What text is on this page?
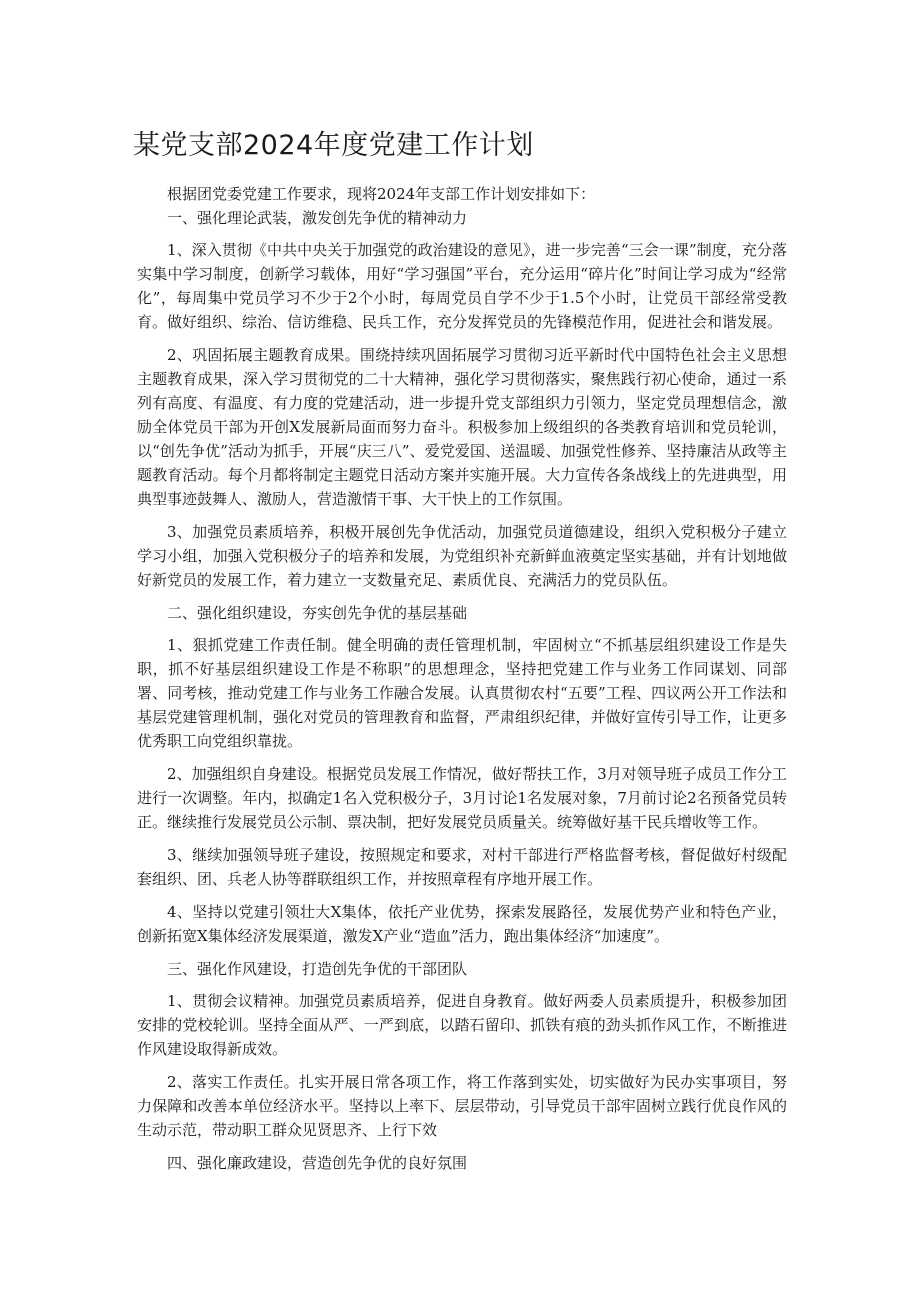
某党支部2024年度党建工作计划

根据团党委党建工作要求，现将2024年支部工作计划安排如下：

一、强化理论武装，激发创先争优的精神动力

1、深入贯彻《中共中央关于加强党的政治建设的意见》，进一步完善“三会一课”制度，充分落实集中学习制度，创新学习载体，用好“学习强国”平台，充分运用“碎片化”时间让学习成为“经常化”，每周集中党员学习不少于2个小时，每周党员自学不少于1.5个小时，让党员干部经常受教育。做好组织、综治、信访维稳、民兵工作，充分发挥党员的先锋模范作用，促进社会和谐发展。

2、巩固拓展主题教育成果。围绕持续巩固拓展学习贯彻习近平新时代中国特色社会主义思想主题教育成果，深入学习贯彻党的二十大精神，强化学习贯彻落实，聚焦践行初心使命，通过一系列有高度、有温度、有力度的党建活动，进一步提升党支部组织力引领力，坚定党员理想信念，激励全体党员干部为开创X发展新局面而努力奋斗。积极参加上级组织的各类教育培训和党员轮训，以“创先争优”活动为抓手，开展“庆三八”、爱党爱国、送温暖、加强党性修养、坚持廉洁从政等主题教育活动。每个月都将制定主题党日活动方案并实施开展。大力宣传各条战线上的先进典型，用典型事迹鼓舞人、激励人，营造激情干事、大干快上的工作氛围。

3、加强党员素质培养，积极开展创先争优活动，加强党员道德建设，组织入党积极分子建立学习小组，加强入党积极分子的培养和发展，为党组织补充新鲜血液奠定坚实基础，并有计划地做好新党员的发展工作，着力建立一支数量充足、素质优良、充满活力的党员队伍。

二、强化组织建设，夯实创先争优的基层基础

1、狠抓党建工作责任制。健全明确的责任管理机制，牢固树立“不抓基层组织建设工作是失职，抓不好基层组织建设工作是不称职”的思想理念，坚持把党建工作与业务工作同谋划、同部署、同考核，推动党建工作与业务工作融合发展。认真贯彻农村“五要”工程、四议两公开工作法和基层党建管理机制，强化对党员的管理教育和监督，严肃组织纪律，并做好宣传引导工作，让更多优秀职工向党组织靠拢。

2、加强组织自身建设。根据党员发展工作情况，做好帮扶工作，3月对领导班子成员工作分工进行一次调整。年内，拟确定1名入党积极分子，3月讨论1名发展对象，7月前讨论2名预备党员转正。继续推行发展党员公示制、票决制，把好发展党员质量关。统筹做好基干民兵增收等工作。

3、继续加强领导班子建设，按照规定和要求，对村干部进行严格监督考核，督促做好村级配套组织、团、兵老人协等群联组织工作，并按照章程有序地开展工作。

4、坚持以党建引领壮大X集体，依托产业优势，探索发展路径，发展优势产业和特色产业，创新拓宽X集体经济发展渠道，激发X产业“造血”活力，跑出集体经济“加速度”。

三、强化作风建设，打造创先争优的干部团队

1、贯彻会议精神。加强党员素质培养，促进自身教育。做好两委人员素质提升，积极参加团安排的党校轮训。坚持全面从严、一严到底，以踏石留印、抓铁有痕的劲头抓作风工作，不断推进作风建设取得新成效。

2、落实工作责任。扎实开展日常各项工作，将工作落到实处，切实做好为民办实事项目，努力保障和改善本单位经济水平。坚持以上率下、层层带动，引导党员干部牢固树立践行优良作风的生动示范，带动职工群众见贤思齐、上行下效

四、强化廉政建设，营造创先争优的良好氛围
